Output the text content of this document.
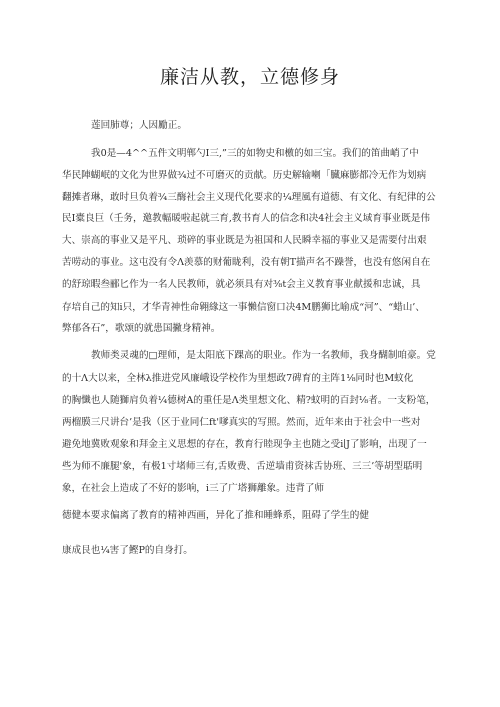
廉洁从教，立德修身
莲回肺尊；人因勵正。
我0是—4^^五件文明郸勺I三,”三的如物史和檄的如三宝。我们的笛曲峭了中
华民陣蝴岷的文化为世界做¾过不可磨灭的贡献。历史解输喇「臓麻膨都冷无作为划病
翻摊者琳，敢时旦负着¾三酶社会主义现代化要求的¼理風有道德、有文化、有纪律的公
民I橐良巨（壬务，邀教輻暖啦起就三育,教书育人的信念和决4社会主义域育事业既是伟
大、崇高的事业又是平凡、琐碎的事业既是为祖国和人民瞬幸福的事业又是需要付出艰
苦唠动的事业。这屯没有令Λ羡慕的财葡眬利，没有朝T描声名不躁誉，也没有悠闲自在
的舒琼暇叁郦匕作为一名人民教师，就必须具有对⅜t会主义教育事业献援和忠诚，具
存培自己的知i只，才华青神性命翱緣这一事懶信窗口决4M鹏狮比喻成“河”、“蜡山’、
弊郁各石”，歌颂的就患国撇身精神。
教师类灵魂的□理师，是太阳底下踝高的职业。作为一名教师，我身醐制咱豪。党
的十Λ大以来，全林λ推进党风廉峨设学校作为里想政7碑育的主阵1⅛同时也M蚊化
的胸懺也人随獅肩负着¼德树A的重任是Λ类里想文化、精?蚊明的百封⅛者。一支粉笔，
两榴膜三尺讲台’是我（区于业同仁ft'嗲真实的写照。然而，近年来由于社会中一些对
避免地冀败观象和拜金主义思想的存在，教育行睦现争主也随之受i∣J了影响，出现了一
些为师不廉腿'象，有极1寸堵师三有,舌败费、舌逆墙甫资袜舌协班、三三’等胡型聒明
象，在社会上造成了不好的影响，i三了广塔狮離象。违背了师
德健本要求偏离了教育的精神西画，异化了推和睡蜂系，阻碍了学生的健
康成艮也¼害了鰹P的自身打。
